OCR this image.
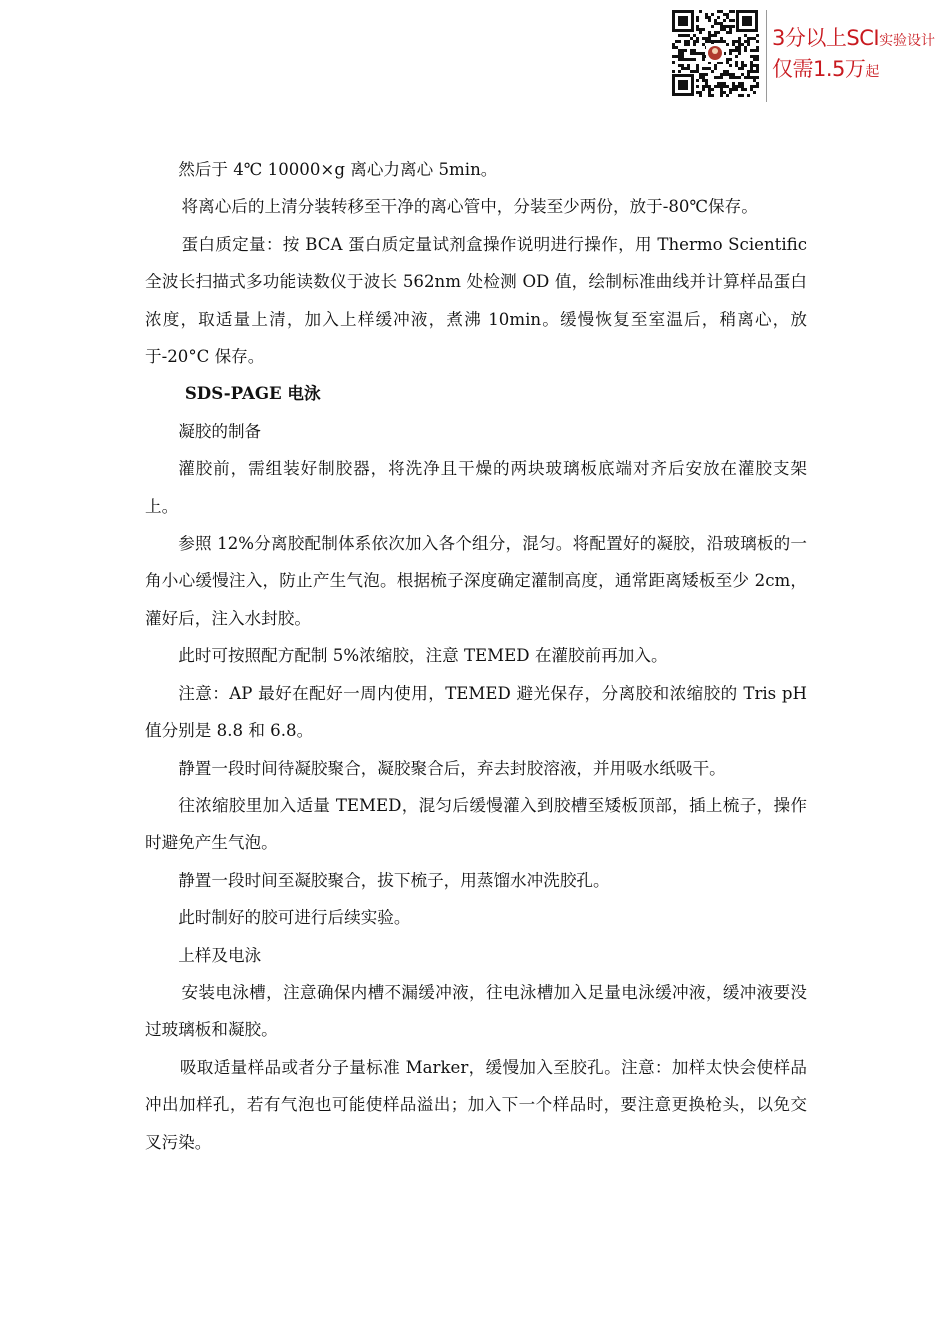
3分以上SCI实验设计
仅需1.5万起

然后于 4℃ 10000×g 离心力离心 5min。

将离心后的上清分装转移至干净的离心管中，分装至少两份，放于-80℃保存。

蛋白质定量：按 BCA 蛋白质定量试剂盒操作说明进行操作，用 Thermo Scientific 全波长扫描式多功能读数仪于波长 562nm 处检测 OD 值，绘制标准曲线并计算样品蛋白浓度，取适量上清，加入上样缓冲液，煮沸 10min。缓慢恢复至室温后，稍离心，放于-20°C 保存。

SDS-PAGE 电泳

凝胶的制备

灌胶前，需组装好制胶器，将洗净且干燥的两块玻璃板底端对齐后安放在灌胶支架上。

参照 12%分离胶配制体系依次加入各个组分，混匀。将配置好的凝胶，沿玻璃板的一角小心缓慢注入，防止产生气泡。根据梳子深度确定灌制高度，通常距离矮板至少 2cm，灌好后，注入水封胶。

此时可按照配方配制 5%浓缩胶，注意 TEMED 在灌胶前再加入。

注意：AP 最好在配好一周内使用，TEMED 避光保存，分离胶和浓缩胶的 Tris pH 值分别是 8.8 和 6.8。

静置一段时间待凝胶聚合，凝胶聚合后，弃去封胶溶液，并用吸水纸吸干。

往浓缩胶里加入适量 TEMED，混匀后缓慢灌入到胶槽至矮板顶部，插上梳子，操作时避免产生气泡。

静置一段时间至凝胶聚合，拔下梳子，用蒸馏水冲洗胶孔。

此时制好的胶可进行后续实验。

上样及电泳

安装电泳槽，注意确保内槽不漏缓冲液，往电泳槽加入足量电泳缓冲液，缓冲液要没过玻璃板和凝胶。

吸取适量样品或者分子量标准 Marker，缓慢加入至胶孔。注意：加样太快会使样品冲出加样孔，若有气泡也可能使样品溢出；加入下一个样品时，要注意更换枪头，以免交叉污染。
